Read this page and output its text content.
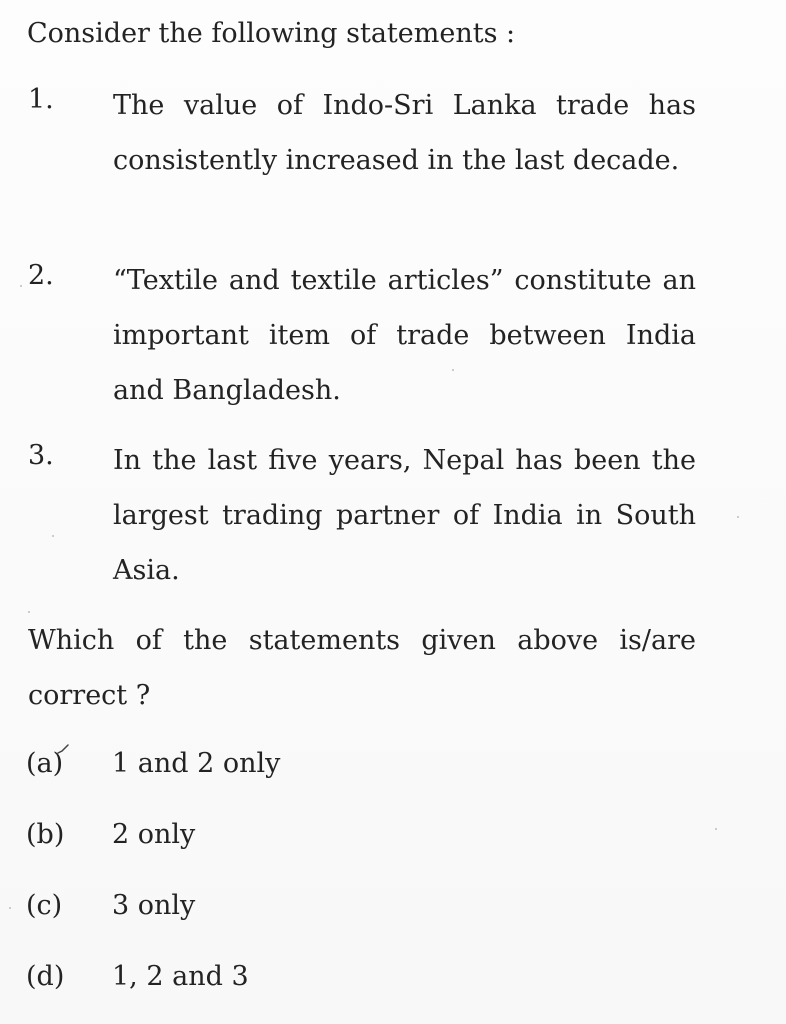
Consider the following statements :
1. The value of Indo-Sri Lanka trade has consistently increased in the last decade.
2. “Textile and textile articles” constitute an important item of trade between India and Bangladesh.
3. In the last five years, Nepal has been the largest trading partner of India in South Asia.
Which of the statements given above is/are correct ?
(a) 1 and 2 only
(b) 2 only
(c) 3 only
(d) 1, 2 and 3
